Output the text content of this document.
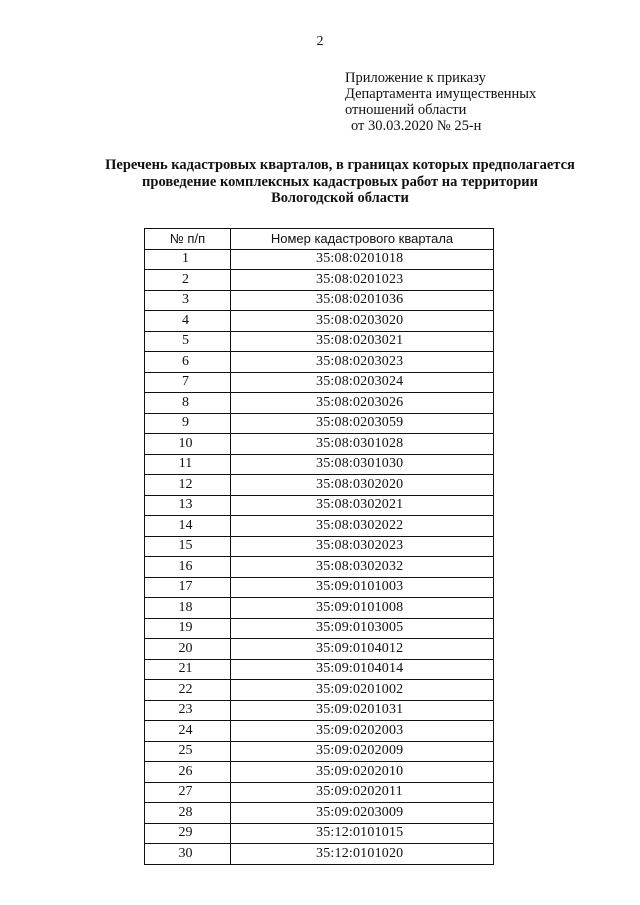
2
Приложение к приказу
Департамента имущественных
отношений области
от 30.03.2020 № 25-н
Перечень кадастровых кварталов, в границах которых предполагается
проведение комплексных кадастровых работ на территории
Вологодской области
№ п/п	Номер кадастрового квартала
1	35:08:0201018
2	35:08:0201023
3	35:08:0201036
4	35:08:0203020
5	35:08:0203021
6	35:08:0203023
7	35:08:0203024
8	35:08:0203026
9	35:08:0203059
10	35:08:0301028
11	35:08:0301030
12	35:08:0302020
13	35:08:0302021
14	35:08:0302022
15	35:08:0302023
16	35:08:0302032
17	35:09:0101003
18	35:09:0101008
19	35:09:0103005
20	35:09:0104012
21	35:09:0104014
22	35:09:0201002
23	35:09:0201031
24	35:09:0202003
25	35:09:0202009
26	35:09:0202010
27	35:09:0202011
28	35:09:0203009
29	35:12:0101015
30	35:12:0101020
